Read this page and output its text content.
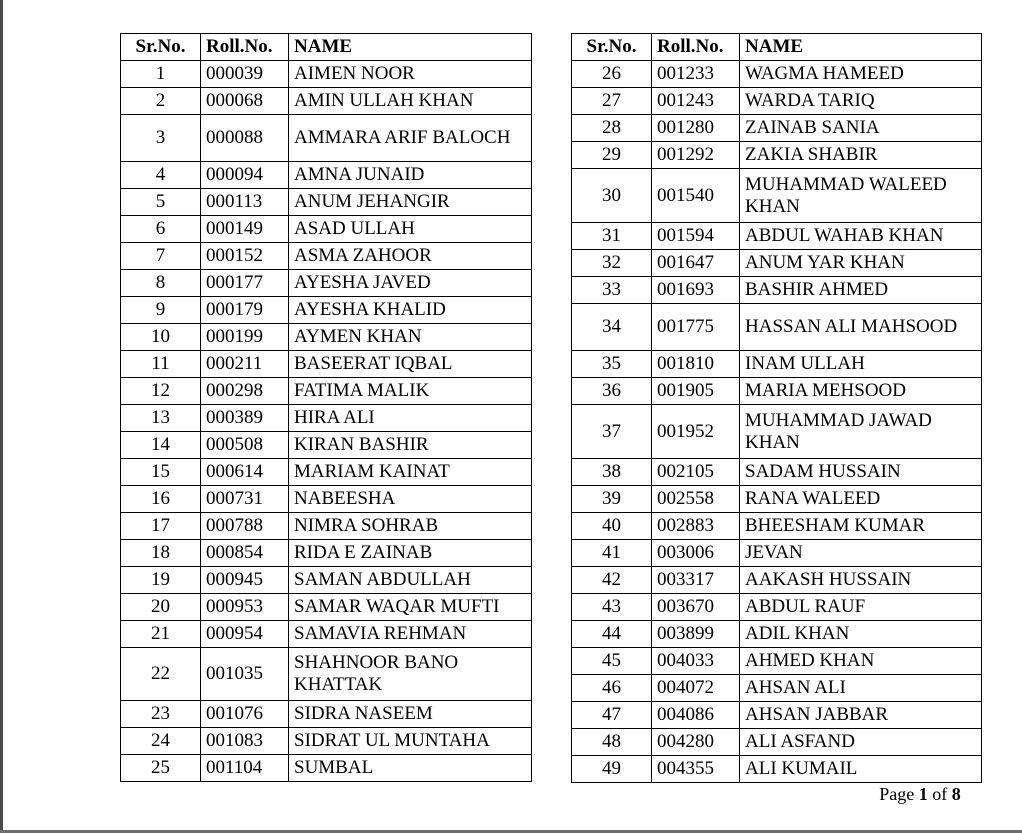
Sr.No.	Roll.No.	NAME
1	000039	AIMEN NOOR
2	000068	AMIN ULLAH KHAN
3	000088	AMMARA ARIF BALOCH
4	000094	AMNA JUNAID
5	000113	ANUM JEHANGIR
6	000149	ASAD ULLAH
7	000152	ASMA ZAHOOR
8	000177	AYESHA JAVED
9	000179	AYESHA KHALID
10	000199	AYMEN KHAN
11	000211	BASEERAT IQBAL
12	000298	FATIMA MALIK
13	000389	HIRA ALI
14	000508	KIRAN BASHIR
15	000614	MARIAM KAINAT
16	000731	NABEESHA
17	000788	NIMRA SOHRAB
18	000854	RIDA E ZAINAB
19	000945	SAMAN ABDULLAH
20	000953	SAMAR WAQAR MUFTI
21	000954	SAMAVIA REHMAN
22	001035	SHAHNOOR BANO KHATTAK
23	001076	SIDRA NASEEM
24	001083	SIDRAT UL MUNTAHA
25	001104	SUMBAL
Sr.No.	Roll.No.	NAME
26	001233	WAGMA HAMEED
27	001243	WARDA TARIQ
28	001280	ZAINAB SANIA
29	001292	ZAKIA SHABIR
30	001540	MUHAMMAD WALEED KHAN
31	001594	ABDUL WAHAB KHAN
32	001647	ANUM YAR KHAN
33	001693	BASHIR AHMED
34	001775	HASSAN ALI MAHSOOD
35	001810	INAM ULLAH
36	001905	MARIA MEHSOOD
37	001952	MUHAMMAD JAWAD KHAN
38	002105	SADAM HUSSAIN
39	002558	RANA WALEED
40	002883	BHEESHAM KUMAR
41	003006	JEVAN
42	003317	AAKASH HUSSAIN
43	003670	ABDUL RAUF
44	003899	ADIL KHAN
45	004033	AHMED KHAN
46	004072	AHSAN ALI
47	004086	AHSAN JABBAR
48	004280	ALI ASFAND
49	004355	ALI KUMAIL
Page 1 of 8
